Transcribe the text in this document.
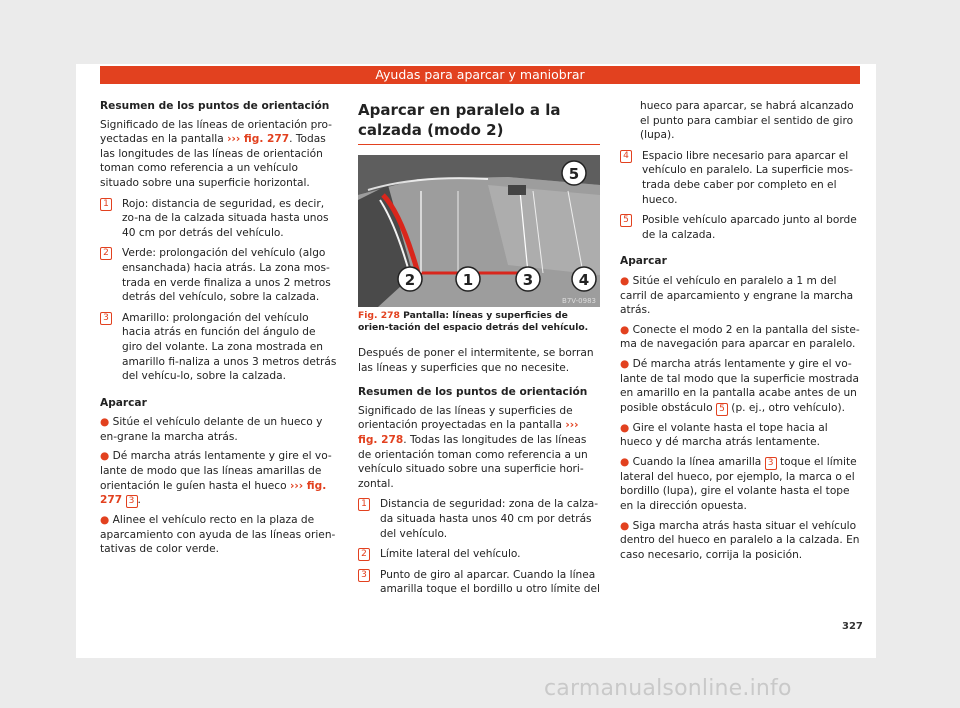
Ayudas para aparcar y maniobrar

Resumen de los puntos de orientación

Significado de las líneas de orientación pro-yectadas en la pantalla ››› fig. 277. Todas las longitudes de las líneas de orientación toman como referencia a un vehículo situado sobre una superficie horizontal.

1 Rojo: distancia de seguridad, es decir, zo-na de la calzada situada hasta unos 40 cm por detrás del vehículo.
2 Verde: prolongación del vehículo (algo ensanchada) hacia atrás. La zona mos-trada en verde finaliza a unos 2 metros detrás del vehículo, sobre la calzada.
3 Amarillo: prolongación del vehículo hacia atrás en función del ángulo de giro del volante. La zona mostrada en amarillo fi-naliza a unos 3 metros detrás del vehícu-lo, sobre la calzada.

Aparcar

● Sitúe el vehículo delante de un hueco y en-grane la marcha atrás.

● Dé marcha atrás lentamente y gire el vo-lante de modo que las líneas amarillas de orientación le guíen hasta el hueco ››› fig. 277 3 .

● Alinee el vehículo recto en la plaza de aparcamiento con ayuda de las líneas orien-tativas de color verde.

Aparcar en paralelo a la calzada (modo 2)
2	1	3	4
5
B7V-0983

Fig. 278 Pantalla: líneas y superficies de orien-tación del espacio detrás del vehículo.

Después de poner el intermitente, se borran las líneas y superficies que no necesite.

Resumen de los puntos de orientación

Significado de las líneas y superficies de orientación proyectadas en la pantalla ››› fig. 278. Todas las longitudes de las líneas de orientación toman como referencia a un vehículo situado sobre una superficie hori-zontal.

1 Distancia de seguridad: zona de la calza-da situada hasta unos 40 cm por detrás del vehículo.
2 Límite lateral del vehículo.
3 Punto de giro al aparcar. Cuando la línea amarilla toque el bordillo u otro límite del

hueco para aparcar, se habrá alcanzado el punto para cambiar el sentido de giro (lupa).

4 Espacio libre necesario para aparcar el vehículo en paralelo. La superficie mos-trada debe caber por completo en el hueco.
5 Posible vehículo aparcado junto al borde de la calzada.

Aparcar

● Sitúe el vehículo en paralelo a 1 m del carril de aparcamiento y engrane la marcha atrás.

● Conecte el modo 2 en la pantalla del siste-ma de navegación para aparcar en paralelo.

● Dé marcha atrás lentamente y gire el vo-lante de tal modo que la superficie mostrada en amarillo en la pantalla acabe antes de un posible obstáculo 5 (p. ej., otro vehículo).

● Gire el volante hasta el tope hacia al hueco y dé marcha atrás lentamente.

● Cuando la línea amarilla 3 toque el límite lateral del hueco, por ejemplo, la marca o el bordillo (lupa), gire el volante hasta el tope en la dirección opuesta.

● Siga marcha atrás hasta situar el vehículo dentro del hueco en paralelo a la calzada. En caso necesario, corrija la posición.

327
carmanualsonline.info
